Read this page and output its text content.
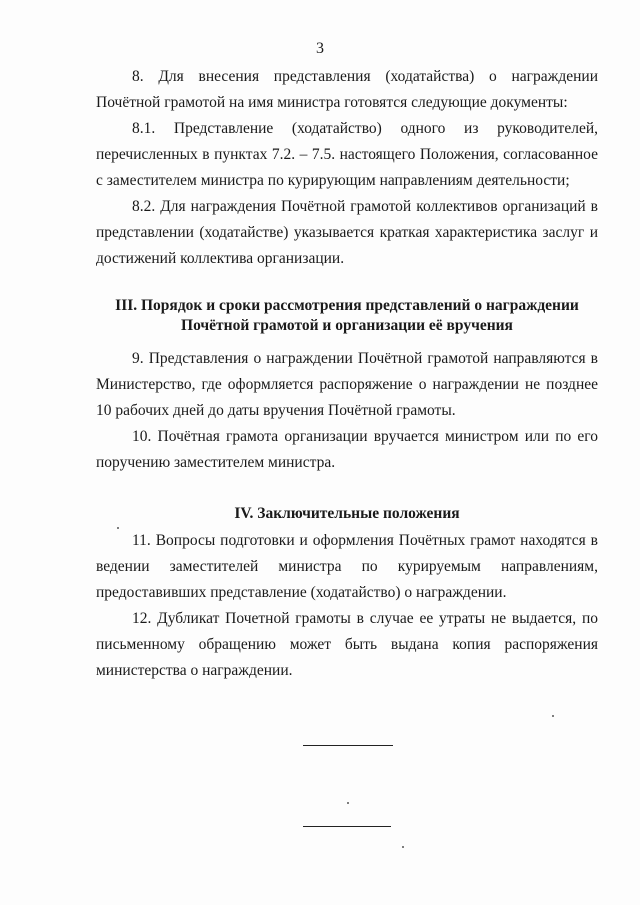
3

8. Для внесения представления (ходатайства) о награждении Почётной грамотой на имя министра готовятся следующие документы:

8.1. Представление (ходатайство) одного из руководителей, перечисленных в пунктах 7.2. – 7.5. настоящего Положения, согласованное с заместителем министра по курирующим направлениям деятельности;

8.2. Для награждения Почётной грамотой коллективов организаций в представлении (ходатайстве) указывается краткая характеристика заслуг и достижений коллектива организации.

III. Порядок и сроки рассмотрения представлений о награждении
Почётной грамотой и организации её вручения

9. Представления о награждении Почётной грамотой направляются в Министерство, где оформляется распоряжение о награждении не позднее 10 рабочих дней до даты вручения Почётной грамоты.

10. Почётная грамота организации вручается министром или по его поручению заместителем министра.

IV. Заключительные положения

11. Вопросы подготовки и оформления Почётных грамот находятся в ведении заместителей министра по курируемым направлениям, предоставивших представление (ходатайство) о награждении.

12. Дубликат Почетной грамоты в случае ее утраты не выдается, по письменному обращению может быть выдана копия распоряжения министерства о награждении.
